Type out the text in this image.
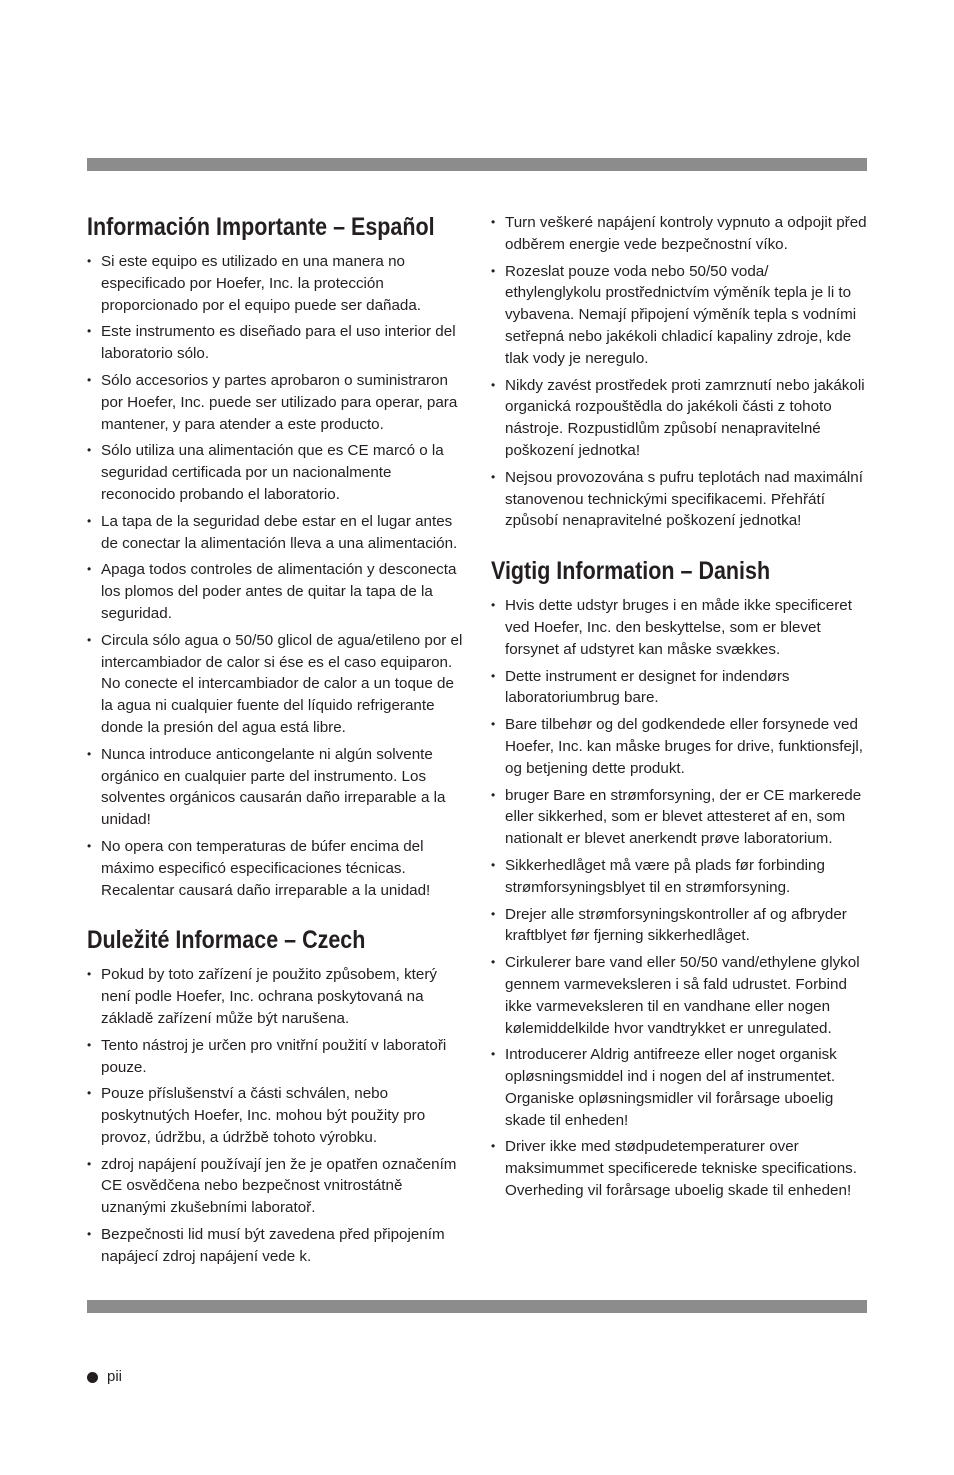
Información Importante – Español
• Si este equipo es utilizado en una manera no especificado por Hoefer, Inc. la protección proporcionado por el equipo puede ser dañada.
• Este instrumento es diseñado para el uso interior del laboratorio sólo.
• Sólo accesorios y partes aprobaron o suministraron por Hoefer, Inc. puede ser utilizado para operar, para mantener, y para atender a este producto.
• Sólo utiliza una alimentación que es CE marcó o la seguridad certificada por un nacionalmente reconocido probando el laboratorio.
• La tapa de la seguridad debe estar en el lugar antes de conectar la alimentación lleva a una alimentación.
• Apaga todos controles de alimentación y desconecta los plomos del poder antes de quitar la tapa de la seguridad.
• Circula sólo agua o 50/50 glicol de agua/etileno por el intercambiador de calor si ése es el caso equiparon. No conecte el intercambiador de calor a un toque de la agua ni cualquier fuente del líquido refrigerante donde la presión del agua está libre.
• Nunca introduce anticongelante ni algún solvente orgánico en cualquier parte del instrumento. Los solventes orgánicos causarán daño irreparable a la unidad!
• No opera con temperaturas de búfer encima del máximo especificó especificaciones técnicas. Recalentar causará daño irreparable a la unidad!
Duležité Informace – Czech
• Pokud by toto zařízení je použito způsobem, který není podle Hoefer, Inc. ochrana poskytovaná na základě zařízení může být narušena.
• Tento nástroj je určen pro vnitřní použití v laboratoři pouze.
• Pouze příslušenství a části schválen, nebo poskytnutých Hoefer, Inc. mohou být použity pro provoz, údržbu, a údržbě tohoto výrobku.
• zdroj napájení používají jen že je opatřen označením CE osvědčena nebo bezpečnost vnitrostátně uznanými zkušebními laboratoř.
• Bezpečnosti lid musí být zavedena před připojením napájecí zdroj napájení vede k.
• Turn veškeré napájení kontroly vypnuto a odpojit před odběrem energie vede bezpečnostní víko.
• Rozeslat pouze voda nebo 50/50 voda/ ethylenglykolu prostřednictvím výměník tepla je li to vybavena. Nemají připojení výměník tepla s vodními setřepná nebo jakékoli chladicí kapaliny zdroje, kde tlak vody je neregulo.
• Nikdy zavést prostředek proti zamrznutí nebo jakákoli organická rozpouštědla do jakékoli části z tohoto nástroje. Rozpustidlům způsobí nenapravitelné poškození jednotka!
• Nejsou provozována s pufru teplotách nad maximální stanovenou technickými specifikacemi. Přehřátí způsobí nenapravitelné poškození jednotka!
Vigtig Information – Danish
• Hvis dette udstyr bruges i en måde ikke specificeret ved Hoefer, Inc. den beskyttelse, som er blevet forsynet af udstyret kan måske svækkes.
• Dette instrument er designet for indendørs laboratoriumbrug bare.
• Bare tilbehør og del godkendede eller forsynede ved Hoefer, Inc. kan måske bruges for drive, funktionsfejl, og betjening dette produkt.
• bruger Bare en strømforsyning, der er CE markerede eller sikkerhed, som er blevet attesteret af en, som nationalt er blevet anerkendt prøve laboratorium.
• Sikkerhedlåget må være på plads før forbinding strømforsyningsblyet til en strømforsyning.
• Drejer alle strømforsyningskontroller af og afbryder kraftblyet før fjerning sikkerhedlåget.
• Cirkulerer bare vand eller 50/50 vand/ethylene glykol gennem varmeveksleren i så fald udrustet. Forbind ikke varmeveksleren til en vandhane eller nogen kølemiddelkilde hvor vandtrykket er unregulated.
• Introducerer Aldrig antifreeze eller noget organisk opløsningsmiddel ind i nogen del af instrumentet. Organiske opløsningsmidler vil forårsage uboelig skade til enheden!
• Driver ikke med stødpudetemperaturer over maksimummet specificerede tekniske specifications. Overheding vil forårsage uboelig skade til enheden!
pii
